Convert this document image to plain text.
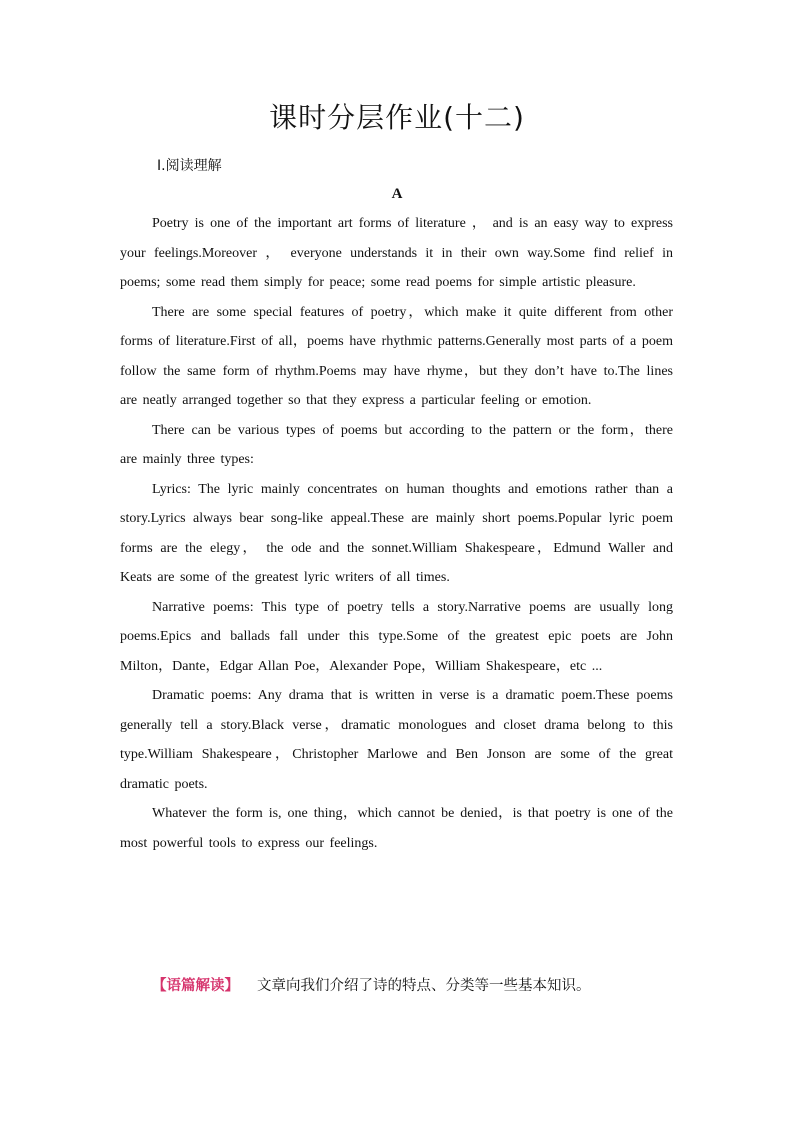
课时分层作业(十二)
Ⅰ.阅读理解
A

Poetry is one of the important art forms of literature ， and is an easy way to express your feelings.Moreover ， everyone understands it in their own way.Some find relief in poems; some read them simply for peace; some read poems for simple artistic pleasure.

There are some special features of poetry，which make it quite different from other forms of literature.First of all，poems have rhythmic patterns.Generally most parts of a poem follow the same form of rhythm.Poems may have rhyme，but they don’t have to.The lines are neatly arranged together so that they express a particular feeling or emotion.

There can be various types of poems but according to the pattern or the form，there are mainly three types:

Lyrics: The lyric mainly concentrates on human thoughts and emotions rather than a story.Lyrics always bear song-like appeal.These are mainly short poems.Popular lyric poem forms are the elegy， the ode and the sonnet.William Shakespeare，Edmund Waller and Keats are some of the greatest lyric writers of all times.

Narrative poems: This type of poetry tells a story.Narrative poems are usually long poems.Epics and ballads fall under this type.Some of the greatest epic poets are John Milton，Dante，Edgar Allan Poe，Alexander Pope，William Shakespeare，etc ...

Dramatic poems: Any drama that is written in verse is a dramatic poem.These poems generally tell a story.Black verse，dramatic monologues and closet drama belong to this type.William Shakespeare，Christopher Marlowe and Ben Jonson are some of the great dramatic poets.

Whatever the form is, one thing，which cannot be denied，is that poetry is one of the most powerful tools to express our feelings.

【语篇解读】 文章向我们介绍了诗的特点、分类等一些基本知识。
